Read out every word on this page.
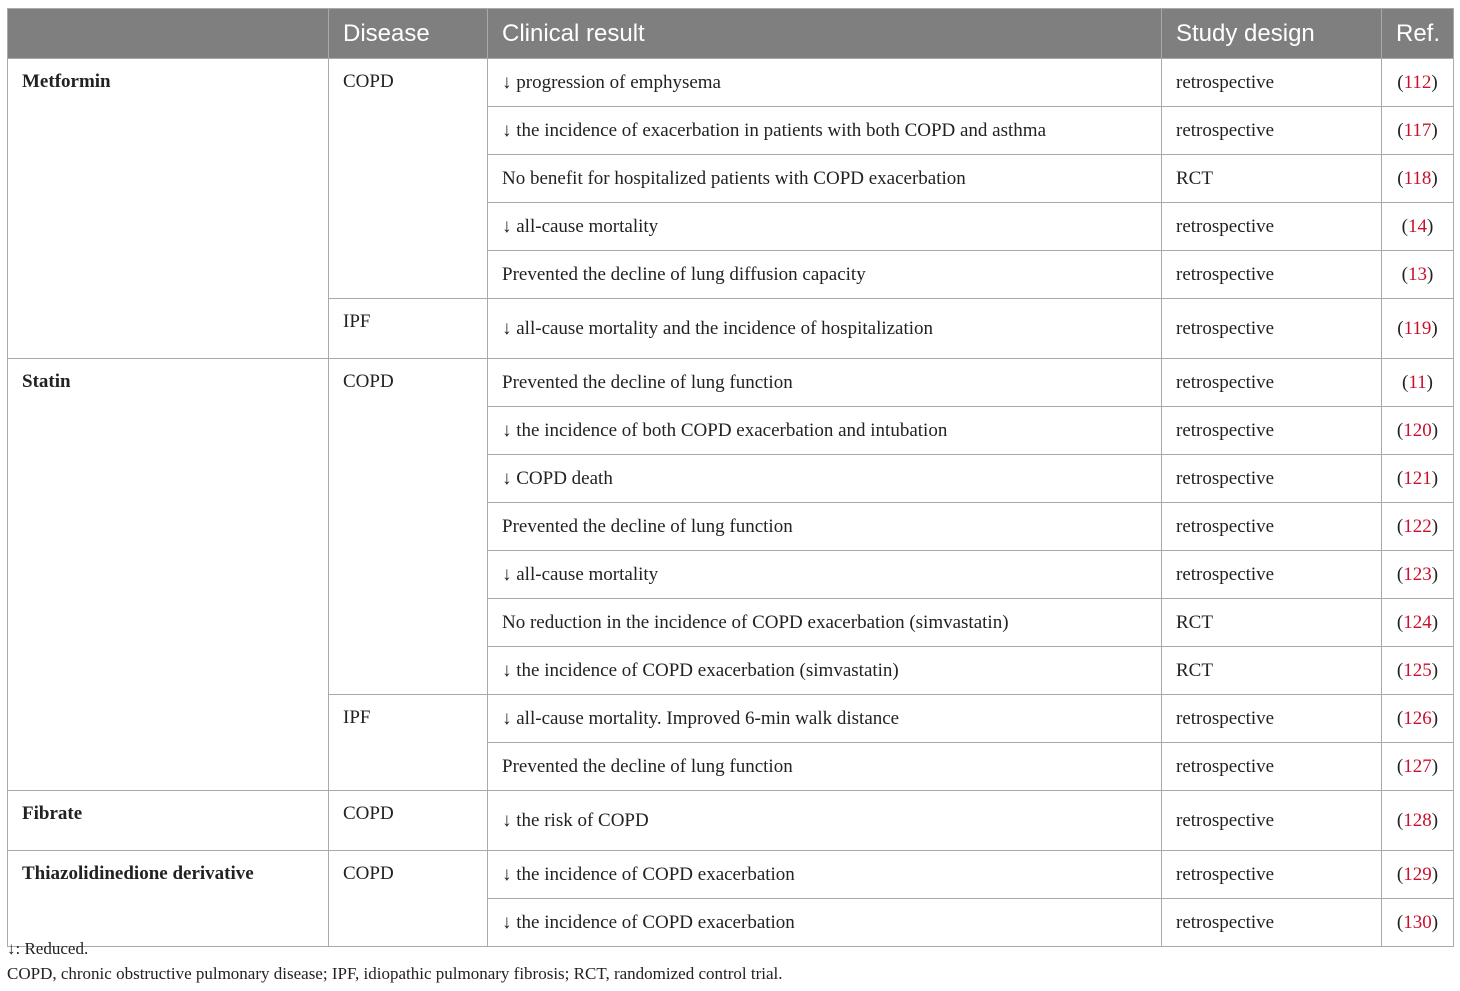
	Disease	Clinical result	Study design	Ref.
Metformin	COPD	↓ progression of emphysema	retrospective	(112)
		↓ the incidence of exacerbation in patients with both COPD and asthma	retrospective	(117)
		No benefit for hospitalized patients with COPD exacerbation	RCT	(118)
		↓ all-cause mortality	retrospective	(14)
		Prevented the decline of lung diffusion capacity	retrospective	(13)
	IPF	↓ all-cause mortality and the incidence of hospitalization	retrospective	(119)
Statin	COPD	Prevented the decline of lung function	retrospective	(11)
		↓ the incidence of both COPD exacerbation and intubation	retrospective	(120)
		↓ COPD death	retrospective	(121)
		Prevented the decline of lung function	retrospective	(122)
		↓ all-cause mortality	retrospective	(123)
		No reduction in the incidence of COPD exacerbation (simvastatin)	RCT	(124)
		↓ the incidence of COPD exacerbation (simvastatin)	RCT	(125)
	IPF	↓ all-cause mortality. Improved 6-min walk distance	retrospective	(126)
		Prevented the decline of lung function	retrospective	(127)
Fibrate	COPD	↓ the risk of COPD	retrospective	(128)
Thiazolidinedione derivative	COPD	↓ the incidence of COPD exacerbation	retrospective	(129)
		↓ the incidence of COPD exacerbation	retrospective	(130)
↓: Reduced.
COPD, chronic obstructive pulmonary disease; IPF, idiopathic pulmonary fibrosis; RCT, randomized control trial.
